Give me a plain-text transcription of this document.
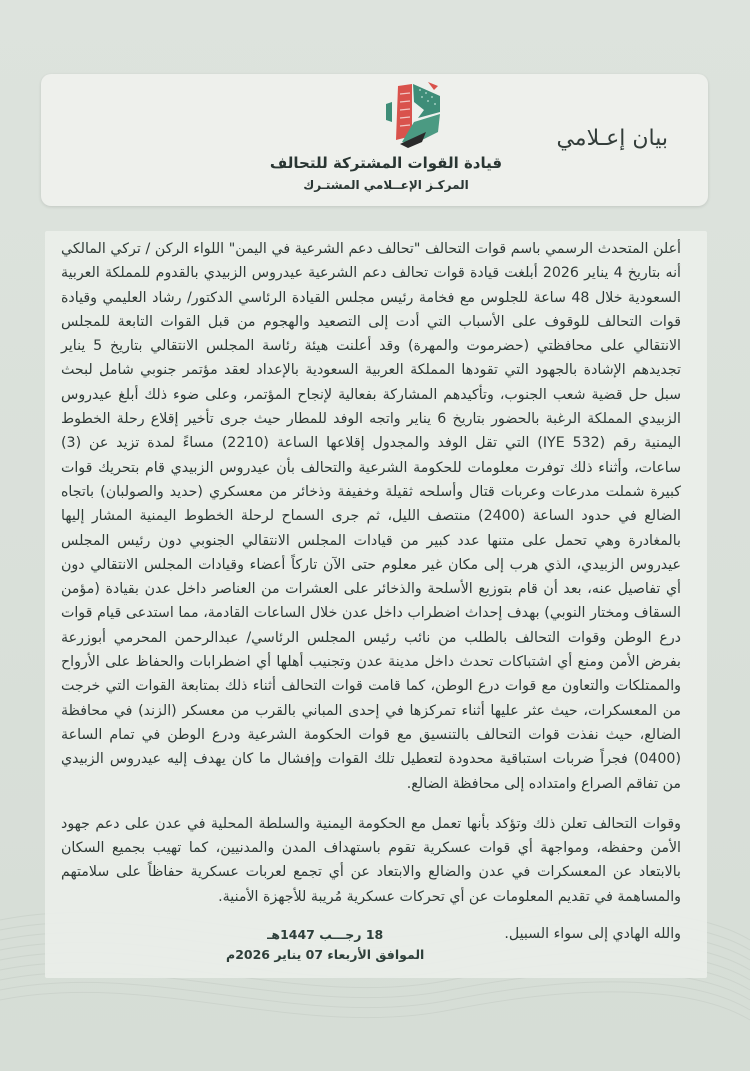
قيادة القوات المشتركة للتحالف
المركـز الإعــلامي المشتـرك
بيان إعـلامي

أعلن المتحدث الرسمي باسم قوات التحالف "تحالف دعم الشرعية في اليمن" اللواء الركن / تركي المالكي أنه بتاريخ 4 يناير 2026 أبلغت قيادة قوات تحالف دعم الشرعية عيدروس الزبيدي بالقدوم للمملكة العربية السعودية خلال 48 ساعة للجلوس مع فخامة رئيس مجلس القيادة الرئاسي الدكتور/ رشاد العليمي وقيادة قوات التحالف للوقوف على الأسباب التي أدت إلى التصعيد والهجوم من قبل القوات التابعة للمجلس الانتقالي على محافظتي (حضرموت والمهرة) وقد أعلنت هيئة رئاسة المجلس الانتقالي بتاريخ 5 يناير تجديدهم الإشادة بالجهود التي تقودها المملكة العربية السعودية بالإعداد لعقد مؤتمر جنوبي شامل لبحث سبل حل قضية شعب الجنوب، وتأكيدهم المشاركة بفعالية لإنجاح المؤتمر، وعلى ضوء ذلك أبلغ عيدروس الزبيدي المملكة الرغبة بالحضور بتاريخ 6 يناير واتجه الوفد للمطار حيث جرى تأخير إقلاع رحلة الخطوط اليمنية رقم (IYE 532) التي تقل الوفد والمجدول إقلاعها الساعة (2210) مساءً لمدة تزيد عن (3) ساعات، وأثناء ذلك توفرت معلومات للحكومة الشرعية والتحالف بأن عيدروس الزبيدي قام بتحريك قوات كبيرة شملت مدرعات وعربات قتال وأسلحه ثقيلة وخفيفة وذخائر من معسكري (حديد والصولبان) باتجاه الضالع في حدود الساعة (2400) منتصف الليل، ثم جرى السماح لرحلة الخطوط اليمنية المشار إليها بالمغادرة وهي تحمل على متنها عدد كبير من قيادات المجلس الانتقالي الجنوبي دون رئيس المجلس عيدروس الزبيدي، الذي هرب إلى مكان غير معلوم حتى الآن تاركاً أعضاء وقيادات المجلس الانتقالي دون أي تفاصيل عنه، بعد أن قام بتوزيع الأسلحة والذخائر على العشرات من العناصر داخل عدن بقيادة (مؤمن السقاف ومختار النوبي) بهدف إحداث اضطراب داخل عدن خلال الساعات القادمة، مما استدعى قيام قوات درع الوطن وقوات التحالف بالطلب من نائب رئيس المجلس الرئاسي/ عبدالرحمن المحرمي أبوزرعة بفرض الأمن ومنع أي اشتباكات تحدث داخل مدينة عدن وتجنيب أهلها أي اضطرابات والحفاظ على الأرواح والممتلكات والتعاون مع قوات درع الوطن، كما قامت قوات التحالف أثناء ذلك بمتابعة القوات التي خرجت من المعسكرات، حيث عثر عليها أثناء تمركزها في إحدى المباني بالقرب من معسكر (الزند) في محافظة الضالع، حيث نفذت قوات التحالف بالتنسيق مع قوات الحكومة الشرعية ودرع الوطن في تمام الساعة (0400) فجراً ضربات استباقية محدودة لتعطيل تلك القوات وإفشال ما كان يهدف إليه عيدروس الزبيدي من تفاقم الصراع وامتداده إلى محافظة الضالع.

وقوات التحالف تعلن ذلك وتؤكد بأنها تعمل مع الحكومة اليمنية والسلطة المحلية في عدن على دعم جهود الأمن وحفظه، ومواجهة أي قوات عسكرية تقوم باستهداف المدن والمدنيين، كما تهيب بجميع السكان بالابتعاد عن المعسكرات في عدن والضالع والابتعاد عن أي تجمع لعربات عسكرية حفاظاً على سلامتهم والمساهمة في تقديم المعلومات عن أي تحركات عسكرية مُريبة للأجهزة الأمنية.

والله الهادي إلى سواء السبيل.
18 رجـــب 1447هـ
الموافق الأربعاء 07 يناير 2026م
